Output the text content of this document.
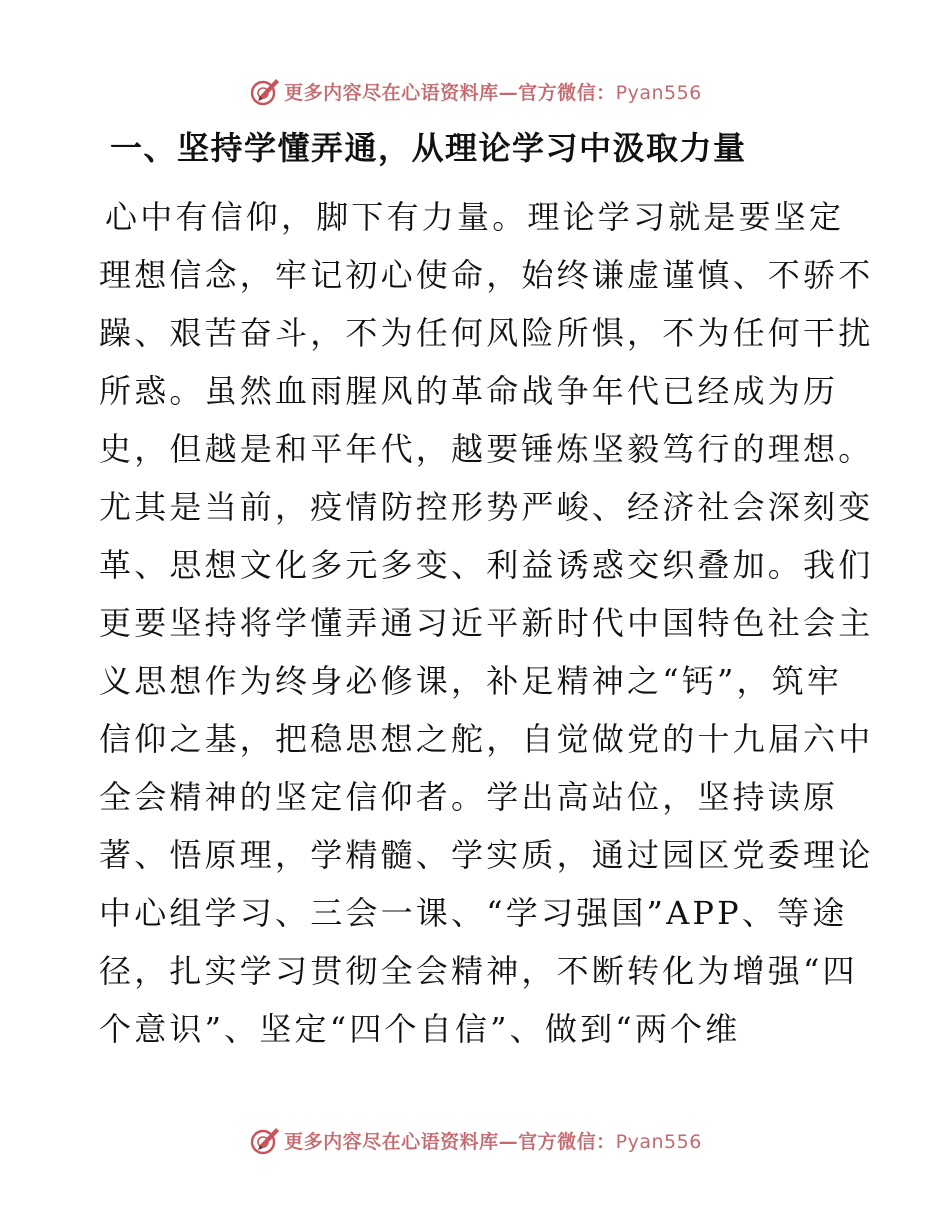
更多内容尽在心语资料库—官方微信：Pyan556
一、坚持学懂弄通，从理论学习中汲取力量
心中有信仰，脚下有力量。理论学习就是要坚定
理想信念，牢记初心使命，始终谦虚谨慎、不骄不
躁、艰苦奋斗，不为任何风险所惧，不为任何干扰
所惑。虽然血雨腥风的革命战争年代已经成为历
史，但越是和平年代，越要锤炼坚毅笃行的理想。
尤其是当前，疫情防控形势严峻、经济社会深刻变
革、思想文化多元多变、利益诱惑交织叠加。我们
更要坚持将学懂弄通习近平新时代中国特色社会主
义思想作为终身必修课，补足精神之“钙”，筑牢
信仰之基，把稳思想之舵，自觉做党的十九届六中
全会精神的坚定信仰者。学出高站位，坚持读原
著、悟原理，学精髓、学实质，通过园区党委理论
中心组学习、三会一课、“学习强国”APP、等途
径，扎实学习贯彻全会精神，不断转化为增强“四
个意识”、坚定“四个自信”、做到“两个维
更多内容尽在心语资料库—官方微信：Pyan556
